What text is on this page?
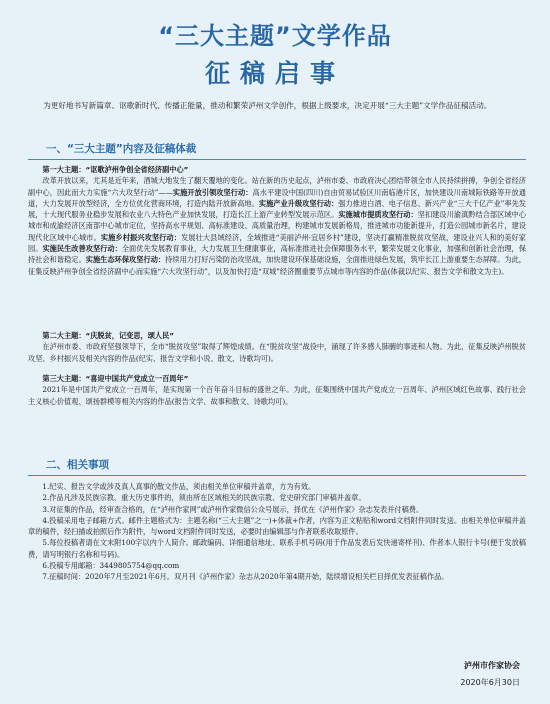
“三大主题”文学作品
征稿启事

为更好地书写新篇章、讴歌新时代、传播正能量，推动和繁荣泸州文学创作，根据上级要求，决定开展“三大主题”文学作品征稿活动。

一、“三大主题”内容及征稿体裁

第一大主题：“讴歌泸州争创全省经济副中心”

改革开放以来，尤其是近年来，酒城大地发生了翻天覆地的变化。站在新的历史起点，泸州市委、市政府决心团结带领全市人民持续拼搏，争创全省经济副中心，因此而大力实施“六大攻坚行动”——实施开放引领攻坚行动：高水平建设中国(四川)自由贸易试验区川南临港片区，加快建设川南城际铁路等开放通道，大力发展开放型经济，全方位优化营商环境，打造内陆开放新高地。实施产业升级攻坚行动：强力推进白酒、电子信息、新兴产业“三大千亿产业”率先发展，十大现代服务业稳步发展和农业八大特色产业加快发展，打造长江上游产业转型发展示范区。实施城市提质攻坚行动：坚扣建设川渝滇黔结合部区域中心城市和成渝经济区南部中心城市定位，坚持高水平规划、高标准建设、高质量治理，构建城市发展新格局，推进城市功能新提升，打造公园城市新名片，建设现代化区域中心城市。实施乡村振兴攻坚行动：发展壮大县域经济，全域推进“美丽泸州·宜居乡村”建设，坚决打赢精准脱贫攻坚战，建设业兴人和的美好家园。实施民生改善攻坚行动：全面优先发展教育事业，大力发展卫生健康事业，高标准推进社会保障服务水平，繁荣发展文化事业，加强和创新社会治理，保持社会和谐稳定。实施生态环保攻坚行动：持续用力打好污染防治攻坚战，加快建设环保基础设施，全面推进绿色发展，筑牢长江上游重要生态屏障。为此，征集反映泸州争创全省经济副中心而实施“六大攻坚行动”，以及加快打造“双城”经济圈重要节点城市等内容的作品(体裁以纪实、报告文学和散文为主)。

第二大主题：“庆脱贫，记变思，颂人民”

在泸州市委、市政府坚强领导下，全市“脱贫攻坚”取得了辉煌成绩。在“脱贫攻坚”战役中，涌现了许多感人肺腑的事迹和人物。为此，征集反映泸州脱贫攻坚、乡村振兴及相关内容的作品(纪实、报告文学和小说、散文、诗歌均可)。

第三大主题：“喜迎中国共产党成立一百周年”

2021年是中国共产党成立一百周年，是实现第一个百年奋斗目标的盛世之年。为此，征集围绕中国共产党成立一百周年、泸州区域红色故事、践行社会主义核心价值观、颂扬群模等相关内容的作品(报告文学、故事和散文、诗歌均可)。

二、相关事项

1.纪实、报告文学或涉及真人真事的散文作品，须由相关单位审稿并盖章，方为有效。

2.作品凡涉及民族宗教、重大历史事件的，须由所在区域相关的民族宗教、党史研究部门审稿并盖章。

3.对征集的作品，经审查合格的，在“泸州作家网”或泸州作家微信公众号展示，择优在《泸州作家》杂志发表并付稿费。

4.投稿采用电子邮箱方式。邮件主题格式为：主题名称(“三大主题”之一)+体裁+作者，内容为正文粘贴和word文档附件同时发送。由相关单位审稿并盖章的稿件，经扫描或拍照后作为附件，与word文档附件同时发送，必要时由编辑部与作者联系收取原件。

5.每位投稿者请在文末附100字以内个人简介、邮政编码、详细通信地址、联系手机号码(用于作品发表后发快递寄样刊)、作者本人银行卡号(便于发放稿费，请写明银行名称和号码)。

6.投稿专用邮箱：3449805754@qq.com

7.征稿时间：2020年7月至2021年6月。双月刊《泸州作家》杂志从2020年第4期开始，陆续增设相关栏目择优发表征稿作品。

泸州市作家协会
2020年6月30日
